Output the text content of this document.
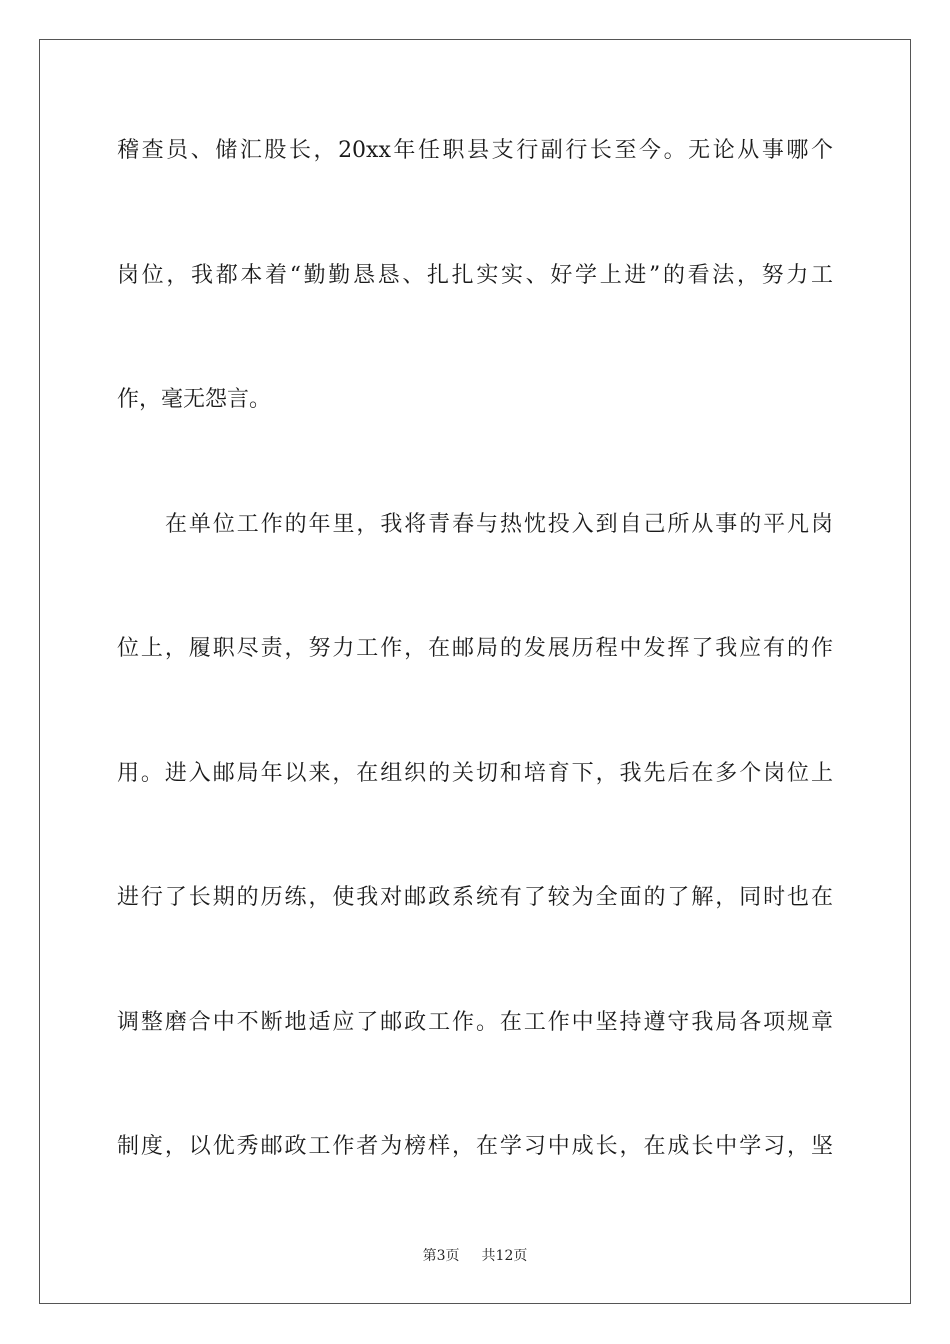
稽查员、储汇股长，20xx年任职县支行副行长至今。无论从事哪个
岗位，我都本着“勤勤恳恳、扎扎实实、好学上进”的看法，努力工
作，毫无怨言。
在单位工作的年里，我将青春与热忱投入到自己所从事的平凡岗
位上，履职尽责，努力工作，在邮局的发展历程中发挥了我应有的作
用。进入邮局年以来，在组织的关切和培育下，我先后在多个岗位上
进行了长期的历练，使我对邮政系统有了较为全面的了解，同时也在
调整磨合中不断地适应了邮政工作。在工作中坚持遵守我局各项规章
制度，以优秀邮政工作者为榜样，在学习中成长，在成长中学习，坚
第3页 共12页
